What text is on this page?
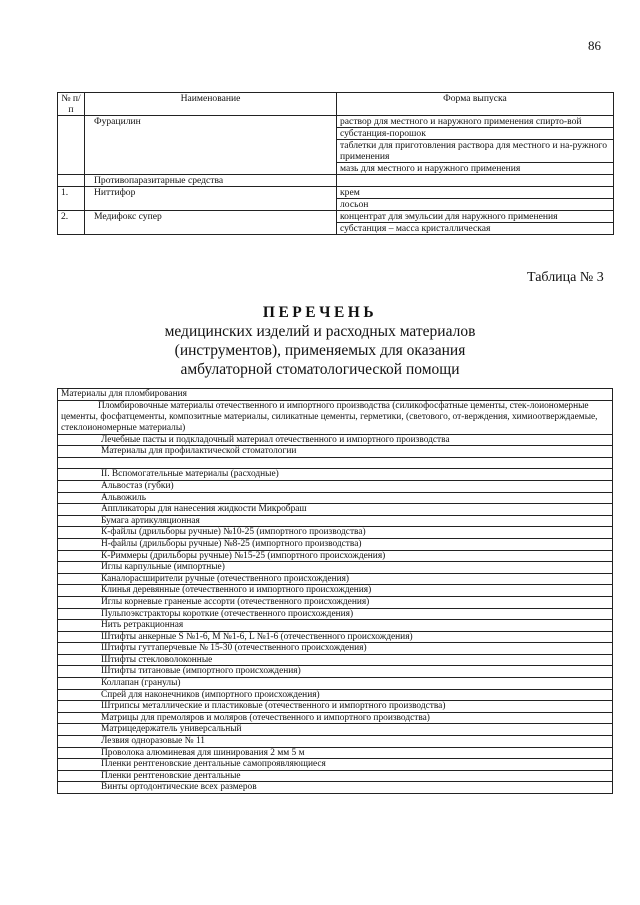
86
№ п/п	Наименование	Форма выпуска
	Фурацилин	раствор для местного и наружного применения спирто-вой
		субстанция-порошок
		таблетки для приготовления раствора для местного и на-ружного применения
		мазь для местного и наружного применения
	Противопаразитарные средства	
1.	Ниттифор	крем
		лосьон
2.	Медифокс супер	концентрат для эмульсии для наружного применения
		субстанция – масса кристаллическая
Таблица № 3
ПЕРЕЧЕНЬ
медицинских изделий и расходных материалов
(инструментов), применяемых для оказания
амбулаторной стоматологической помощи
Материалы для пломбирования
Пломбировочные материалы отечественного и импортного производства (силикофосфатные цементы, стек-лоиономерные цементы, фосфатцементы, композитные материалы, силикатные цементы, герметики, (светового, от-верждения, химиоотверждаемые, стеклоиономерные материалы)
Лечебные пасты и подкладочный материал отечественного и импортного производства
Материалы для профилактической стоматологии

II. Вспомогательные материалы (расходные)
Альвостаз (губки)
Альвожиль
Аппликаторы для нанесения жидкости Микробраш
Бумага артикуляционная
К-файлы (дрильборы ручные) №10-25 (импортного производства)
Н-файлы (дрильборы ручные) №8-25 (импортного производства)
К-Риммеры (дрильборы ручные) №15-25 (импортного происхождения)
Иглы карпульные (импортные)
Каналорасширители ручные (отечественного происхождения)
Клинья деревянные (отечественного и импортного происхождения)
Иглы корневые граненые ассорти (отечественного происхождения)
Пульпоэкстракторы короткие (отечественного происхождения)
Нить ретракционная
Штифты анкерные S №1-6, M №1-6, L №1-6 (отечественного происхождения)
Штифты гуттаперчевые № 15-30 (отечественного происхождения)
Штифты стекловолоконные
Штифты титановые (импортного происхождения)
Коллапан (гранулы)
Спрей для наконечников (импортного происхождения)
Штрипсы металлические и пластиковые (отечественного и импортного производства)
Матрицы для премоляров и моляров (отечественного и импортного производства)
Матрицедержатель универсальный
Лезвия одноразовые № 11
Проволока алюминевая для шинирования 2 мм 5 м
Пленки рентгеновские дентальные самопроявляющиеся
Пленки рентгеновские дентальные
Винты ортодонтические всех размеров
